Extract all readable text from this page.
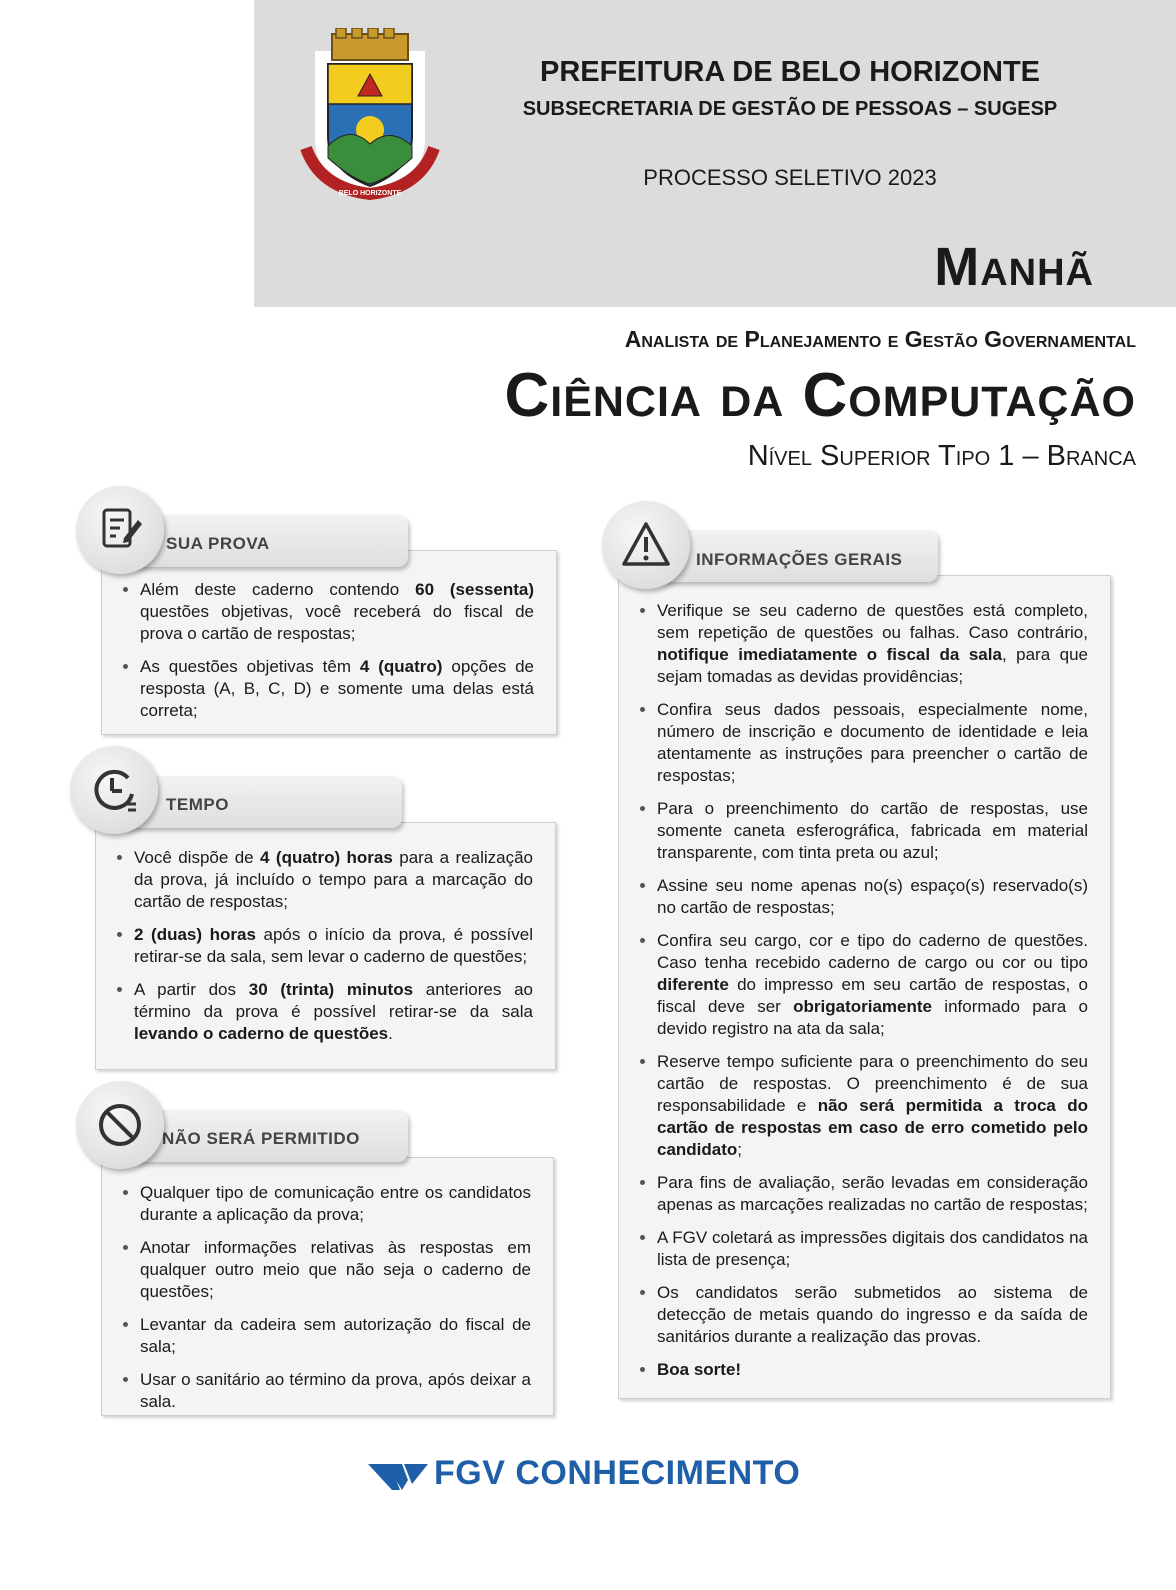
BELO HORIZONTE
PREFEITURA DE BELO HORIZONTE
SUBSECRETARIA DE GESTÃO DE PESSOAS – SUGESP
PROCESSO SELETIVO 2023
Manhã
Analista de Planejamento e Gestão Governamental
Ciência da Computação
Nível Superior Tipo 1 – Branca
• Além deste caderno contendo 60 (sessenta) questões objetivas, você receberá do fiscal de prova o cartão de respostas;
• As questões objetivas têm 4 (quatro) opções de resposta (A, B, C, D) e somente uma delas está correta;
SUA PROVA
• Você dispõe de 4 (quatro) horas para a realização da prova, já incluído o tempo para a marcação do cartão de respostas;
• 2 (duas) horas após o início da prova, é possível retirar-se da sala, sem levar o caderno de questões;
• A partir dos 30 (trinta) minutos anteriores ao término da prova é possível retirar-se da sala levando o caderno de questões.
TEMPO
• Qualquer tipo de comunicação entre os candidatos durante a aplicação da prova;
• Anotar informações relativas às respostas em qualquer outro meio que não seja o caderno de questões;
• Levantar da cadeira sem autorização do fiscal de sala;
• Usar o sanitário ao término da prova, após deixar a sala.
NÃO SERÁ PERMITIDO
• Verifique se seu caderno de questões está completo, sem repetição de questões ou falhas. Caso contrário, notifique imediatamente o fiscal da sala, para que sejam tomadas as devidas providências;
• Confira seus dados pessoais, especialmente nome, número de inscrição e documento de identidade e leia atentamente as instruções para preencher o cartão de respostas;
• Para o preenchimento do cartão de respostas, use somente caneta esferográfica, fabricada em material transparente, com tinta preta ou azul;
• Assine seu nome apenas no(s) espaço(s) reservado(s) no cartão de respostas;
• Confira seu cargo, cor e tipo do caderno de questões. Caso tenha recebido caderno de cargo ou cor ou tipo diferente do impresso em seu cartão de respostas, o fiscal deve ser obrigatoriamente informado para o devido registro na ata da sala;
• Reserve tempo suficiente para o preenchimento do seu cartão de respostas. O preenchimento é de sua responsabilidade e não será permitida a troca do cartão de respostas em caso de erro cometido pelo candidato;
• Para fins de avaliação, serão levadas em consideração apenas as marcações realizadas no cartão de respostas;
• A FGV coletará as impressões digitais dos candidatos na lista de presença;
• Os candidatos serão submetidos ao sistema de detecção de metais quando do ingresso e da saída de sanitários durante a realização das provas.
• Boa sorte!
INFORMAÇÕES GERAIS
FGV CONHECIMENTO
